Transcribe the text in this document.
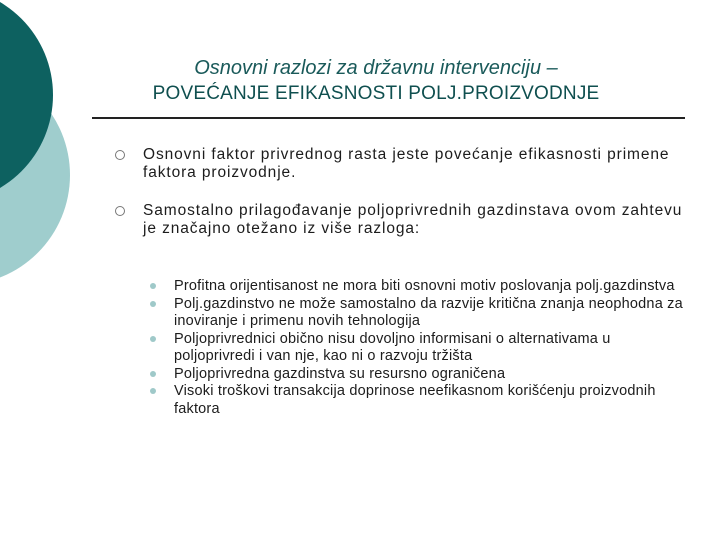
Osnovni razlozi za državnu intervenciju –
POVEĆANJE EFIKASNOSTI POLJ.PROIZVODNJE
Osnovni faktor privrednog rasta jeste povećanje efikasnosti primene faktora proizvodnje.
Samostalno prilagođavanje poljoprivrednih gazdinstava ovom zahtevu je značajno otežano iz više razloga:
Profitna orijentisanost ne mora biti osnovni motiv poslovanja polj.gazdinstva
Polj.gazdinstvo ne može samostalno da razvije kritična znanja neophodna za inoviranje i primenu novih tehnologija
Poljoprivrednici obično nisu dovoljno informisani o alternativama u poljoprivredi i van nje, kao ni o razvoju tržišta
Poljoprivredna gazdinstva su resursno ograničena
Visoki troškovi transakcija doprinose neefikasnom korišćenju proizvodnih faktora
